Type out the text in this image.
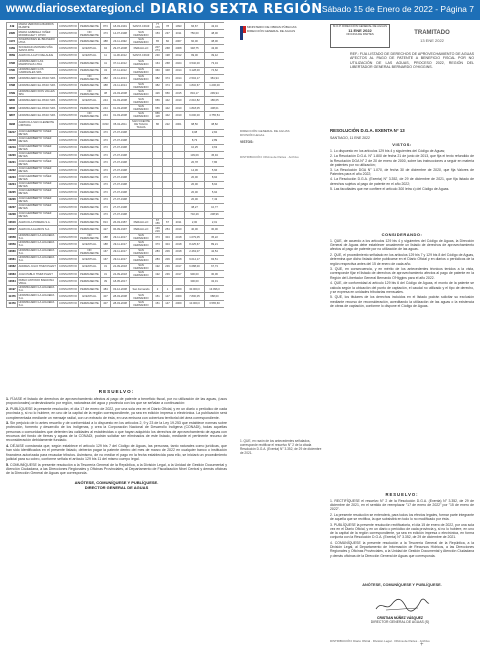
www.diariosextaregion.cl DIARIO SEXTA REGIÓN Sábado 15 de Enero de 2022 - Página 7
449	MARIA VERONICA BARROS DUARTE	CONSUNTIVO	PERMANENTE	873	18-03-1991	SANTA CRUZ	77 176	78	1993	66,67	43,34
2395	MARIA GABRIELA YAÑEZ RODRIGUEZ Y OTRO	CONSUNTIVO	NO PERMANENTE	473	14-07-1998	SAN FERNANDO	153	237	2011	750,00	48,00
4172	INVERSIONES EL BRASERO LTDA	CONSUNTIVO	PERMANENTE	488	23-11-1992	SAN FERNANDO	65	82	2007	60,00	38,00
3169	SOCIEDAD ANONIMA VIÑA SANTA RITA	CONSUNTIVO	EVENTUAL	94	29-07-2008	PERALILLO	207 274	268	2008	348,75	43,00
3569	AGRICOLA ALTO RELAHUE	CONSUNTIVO	EVENTUAL	11	11-06-2012	SANTA CRUZ	230	198	2012	99,00	39,42
3796	HORMIGUERO LAS MARIPOSAS LTDA	CONSUNTIVO	PERMANENTE	41	07-11-2012	SAN FERNANDO	164	268	2024	3.540,00	73,34
3790	HORMIGUERO LOS CARRIZALES SPA	CONSUNTIVO	PERMANENTE	43	07-11-2012	SAN FERNANDO	360	348	2014	3.128,00	74,62
3797	HORMIGUERO EL PASO SPA	CONSUNTIVO	NO PERMANENTE	482	23-11-2014	SAN FERNANDO	382	374	2014	2.504,17	381,94
3798	HORMIGUERO EL PASO SPA	CONSUNTIVO	PERMANENTE	488	23-11-2014	SAN FERNANDO	382	374	2014	1.832,67	1.206,00
3799	HORMIGUERO DOS VALLES SPA	CONSUNTIVO	NO PERMANENTE	38	24-03-2008	SAN FERNANDO	426	650	2015	834,17	299,94
3800	HORMIGUERO EL PASO SPA	CONSUNTIVO	EVENTUAL	244	01-03-2008	SAN FERNANDO	656	442	2010	2.610,82	186,05
3806	HORMIGUERO EL PASO SPA	CONSUNTIVO	PERMANENTE	244	01-03-2008	SAN FERNANDO	656	442	2010	1.818,05	408,01
3807	HORMIGUERO EL PASO SPA	CONSUNTIVO	NO PERMANENTE	244	01-03-2008	SAN FERNANDO	656 118	442	2010	6.000,00	4.755,54
3908	AGRICOLA SAN CLEMENTE LIMITADA	CONSUNTIVO	PERMANENTE	0333	05-02-2011	SAN VICENTE DE TAGUA TAGUA	86	222	2001	98,50	38,82
10217	JUAN HERIBERTO YAÑEZ REYES	CONSUNTIVO	PERMANENTE	473	27-07-1998					9,08	2,84
10218	JUAN HERIBERTO YAÑEZ REYES	CONSUNTIVO	PERMANENTE	473	27-07-1998					8,73	2,89
10219	JUAN HERIBERTO YAÑEZ REYES	CONSUNTIVO	PERMANENTE	473	27-07-1998					10,25	3,63
10220	JUAN HERIBERTO YAÑEZ REYES	CONSUNTIVO	PERMANENTE	473	27-07-1998					139,09	45,94
10221	JUAN HERIBERTO YAÑEZ REYES	CONSUNTIVO	PERMANENTE	473	27-07-1998					20,78	7,86
10222	JUAN HERIBERTO YAÑEZ REYES	CONSUNTIVO	PERMANENTE	473	27-07-1998					14,06	5,66
10223	JUAN HERIBERTO YAÑEZ REYES	CONSUNTIVO	PERMANENTE	473	27-07-1998					20,00	8,94
10224	JUAN HERIBERTO YAÑEZ REYES	CONSUNTIVO	PERMANENTE	473	27-07-1998					20,00	8,94
10225	JUAN HERIBERTO YAÑEZ REYES	CONSUNTIVO	PERMANENTE	473	27-07-1998					20,00	5,94
10226	JUAN HERIBERTO YAÑEZ REYES	CONSUNTIVO	PERMANENTE	473	27-07-1998					20,00	7,43
10227	JUAN HERIBERTO YAÑEZ REYES	CONSUNTIVO	PERMANENTE	473	27-07-1998					38,27	10,77
10228	JUAN HERIBERTO YAÑEZ REYES	CONSUNTIVO	PERMANENTE	473	27-07-1998					732,29	208,96
10616	AGRICOLA POMERA S.A.	CONSUNTIVO	PERMANENTE	813	26-03-1987	PERALILLO	67 156	67	2011	2,00	2,01
10617	AGRICOLA ALAMOS S.A.	CONSUNTIVO	PERMANENTE	427	06-09-1997	PERALILLO	139 216	254	2010	40,00	30,00
10658	HORMIGUERO LA HIGUERA S.A.	CONSUNTIVO	NO PERMANENTE	188	29-11-2017	SAN FERNANDO	373	304	2018	1.079,05	35,22
10659	HORMIGUERO LA HIGUERA S.A.	CONSUNTIVO	EVENTUAL	188	29-11-2017	SAN FERNANDO	373	304	2018	8.225,67	89,21
10660	HORMIGUERO LA HIGUERA S.A.	CONSUNTIVO	NO PERMANENTE	167	29-11-2017	SAN FERNANDO	283	209	2018	2.463,07	42,54
10661	HORMIGUERO LA HIGUERA S.A.	CONSUNTIVO	EVENTUAL	167	29-11-2017	SAN FERNANDO	283	209	2018	9.014,17	93,51
10662	ANDRES JULIO TIMMI PLENT	CONSUNTIVO	EVENTUAL	31	22-09-2018	SAN FERNANDO	192	239	2017	6.688,00	67,73
10663	JUAN PABLO TIMMI PLENT	CONSUNTIVO	PERMANENTE	31	22-09-2018	SAN FERNANDO	192	239	2017	900,00	30,06
10664	PABLO ANTONIO BARAONA VIDAL	CONSUNTIVO	PERMANENTE	39	18-05-2017					300,00	32,31
11197	HORMIGUERO LA HIGUERA S.A.	CONSUNTIVO	PERMANENTE	484	03-12-2008	San Fernando	2	1	2009	30.000,0	13.096,0
11476	HORMIGUERO LA HIGUERA S.A.	CONSUNTIVO	EVENTUAL	407	28-03-2008	SAN FERNANDO	151	147	2009	7.800,05	688,00
11479	HORMIGUERO LA HIGUERA S.A.	CONSUNTIVO	PERMANENTE	407	28-03-2008	SAN FERNANDO	151	147	2009	10.000,0	3.565,60
RESUELVO:
1. FÍJASE el listado de derechos de aprovechamiento afectos al pago de patente a beneficio fiscal, por no utilización de las aguas, (usos proporcionales) ordenándoselo por región, naturaleza del agua y provincia con los que se señalan a continuación:
2. PUBLÍQUESE la presente resolución, el día 17 de enero de 2022, por una sola vez en el Diario Oficial, y en un diario o periódico de cada provincia y, si no lo hubiere, en uno de la capital de la región correspondiente, ya sea en edición impresa o electrónica. La publicación será complementada mediante un mensaje radial, con un extracto de ésta, en una emisora con cobertura territorial del área correspondiente.
3. Sin perjuicio de lo antes resuelto y de conformidad a lo dispuesto en los artículos 2, 9 y 23 de la Ley 19.253 que establece normas sobre protección, fomento y desarrollo de los indígenas, y crea la Corporación Nacional de Desarrollo Indígena (CONADI), todas aquellas personas o comunidades que detenten las calidades al establecidas o que hayan adquirido los derechos de aprovechamiento de aguas con recursos del fondo de tierras y aguas de la CONADI, podrán solicitar ser eliminados de este listado, mediante el pertinente recurso de reconsideración debidamente fundado.
4. DÉJASE constancia que, según establece el artículo 129 bis 7 del Código de Aguas, las personas, tanto naturales como jurídicas, que han sido identificados en el presente listado, deberán pagar la patente dentro del mes de marzo de 2022 en cualquier banco o institución financiera autorizada para recaudar tributos. Asimismo, de no mediar el pago en la fecha establecida para ello, se iniciará un procedimiento judicial para su cobro, conforme señala el artículo 129 bis 11 del mismo cuerpo legal.
5. COMUNÍQUESE la presente resolución a la Tesorería General de la República, a la División Legal, a la Unidad de Gestión Documental y Atención Ciudadana, a las Direcciones Regionales y Oficinas Provinciales, al Departamento de Fiscalización Nivel Central y demás oficinas de la Dirección General de Aguas que corresponda.
ANÓTESE, COMUNÍQUESE Y PUBLÍQUESE.
DIRECTOR GENERAL DE AGUAS
MINISTERIO DE OBRAS PÚBLICAS DIRECCIÓN GENERAL DE AGUAS
M.O.P. DIRECCIÓN GENERAL DE AGUAS
11 ENE 2022
OFICINA DE PARTES	TRAMITADO
13 ENE 2022
REF.: FIJA LISTADO DE DERECHOS DE APROVECHAMIENTO DE AGUAS AFECTOS AL PAGO DE PATENTE A BENEFICIO FISCAL POR NO UTILIZACIÓN DE LAS AGUAS, PROCESO 2022, REGIÓN DEL LIBERTADOR GENERAL BERNARDO O'HIGGINS.
DIRECCIÓN GENERAL DE AGUAS
DIVISIÓN LEGAL
VISTOS:
DISTRIBUCIÓN: Oficina de Partes · Archivo
RESOLUCIÓN D.G.A. EXENTA N° 13
SANTIAGO, 11 ENE 2022
VISTOS:
1. Lo dispuesto en los artículos 129 bis 4 y siguientes del Código de Aguas;
2. La Resolución D.G.A. N° 1.800 de fecha 21 de junio de 2013, que fija el texto refundido de la Resolución DGA N° 2 de 20 de enero de 2000, sobre las instrucciones a seguir en materia de patentes por no utilización;
3. La Resolución DGA N° 1.070, de fecha 30 de diciembre de 2020, que fija Valores de Patentes para el año 2022;
4. La Resolución D.G.A. (Exenta) N° 3.352, de 29 de diciembre de 2021, que fija listado de derechos sujetos al pago de patente en el año 2022;
5. Las facultades que me confiere el artículo 300 letra c) del Código de Aguas.
CONSIDERANDO:
1. QUE, de acuerdo a los artículos 129 bis 4 y siguientes del Código de Aguas, la Dirección General de Aguas debe establecer anualmente un listado de derechos de aprovechamiento afectos al pago de patente por no utilización de las aguas.
2. QUE, el procedimiento señalado en los artículos 129 bis 7 y 129 bis 8 del Código de Aguas, determina que dicho listado debe publicarse en el Diario Oficial y en diarios o periódicos de la región respectiva antes del 15 de enero de cada año.
3. QUE, en consecuencia, y en mérito de los antecedentes técnicos tenidos a la vista, corresponde fijar el listado de derechos de aprovechamiento afectos al pago de patente en la Región del Libertador General Bernardo O'Higgins para el año 2022.
4. QUE, de conformidad al artículo 129 bis 6 del Código de Aguas, el monto de la patente se calcula según la ubicación del punto de captación, el caudal no utilizado y el tipo de derecho, y se expresa en unidades tributarias mensuales.
5. QUE, los titulares de los derechos incluidos en el listado podrán solicitar su exclusión mediante recurso de reconsideración, acreditando la utilización de las aguas o la existencia de obras de captación, conforme lo dispone el Código de Aguas.
1. QUE, en razón de los antecedentes señalados, corresponde rectificar el resuelvo N° 2 de la citada Resolución D.G.A. (Exenta) N° 3.352, de 29 de diciembre de 2021.
RESUELVO:
1. RECTIFÍQUESE el resuelvo N° 2 de la Resolución D.G.A. (Exenta) N° 3.352, de 29 de diciembre de 2021, en el sentido de reemplazar "17 de enero de 2022" por "15 de enero de 2022".
2. La presente resolución se entenderá, para todos los efectos legales, formar parte integrante de aquella que se rectifica, la que subsistirá en todo lo no modificado por ésta.
3. PUBLÍQUESE la presente resolución rectificatoria, el día 15 de enero de 2022, por una sola vez en el Diario Oficial, y en un diario o periódico de cada provincia y, si no lo hubiere, en uno de la capital de la región correspondiente, ya sea en edición impresa o electrónica, en forma conjunta con la Resolución D.G.A. (Exenta) N° 3.352, de 29 de diciembre de 2021.
4. COMUNÍQUESE la presente resolución a la Tesorería General de la República, a la División Legal, al Departamento de Información de Recursos Hídricos, a las Direcciones Regionales y Oficinas Provinciales, a la Unidad de Gestión Documental y Atención Ciudadana y demás oficinas de la Dirección General de Aguas que corresponda.
ANÓTESE, COMUNÍQUESE Y PUBLÍQUESE.
CRISTIAN NÚÑEZ VÁSQUEZ
DIRECTOR GENERAL DE AGUAS (S)
DISTRIBUCIÓN: Diario Oficial · División Legal · Oficina de Partes · Archivo
+
